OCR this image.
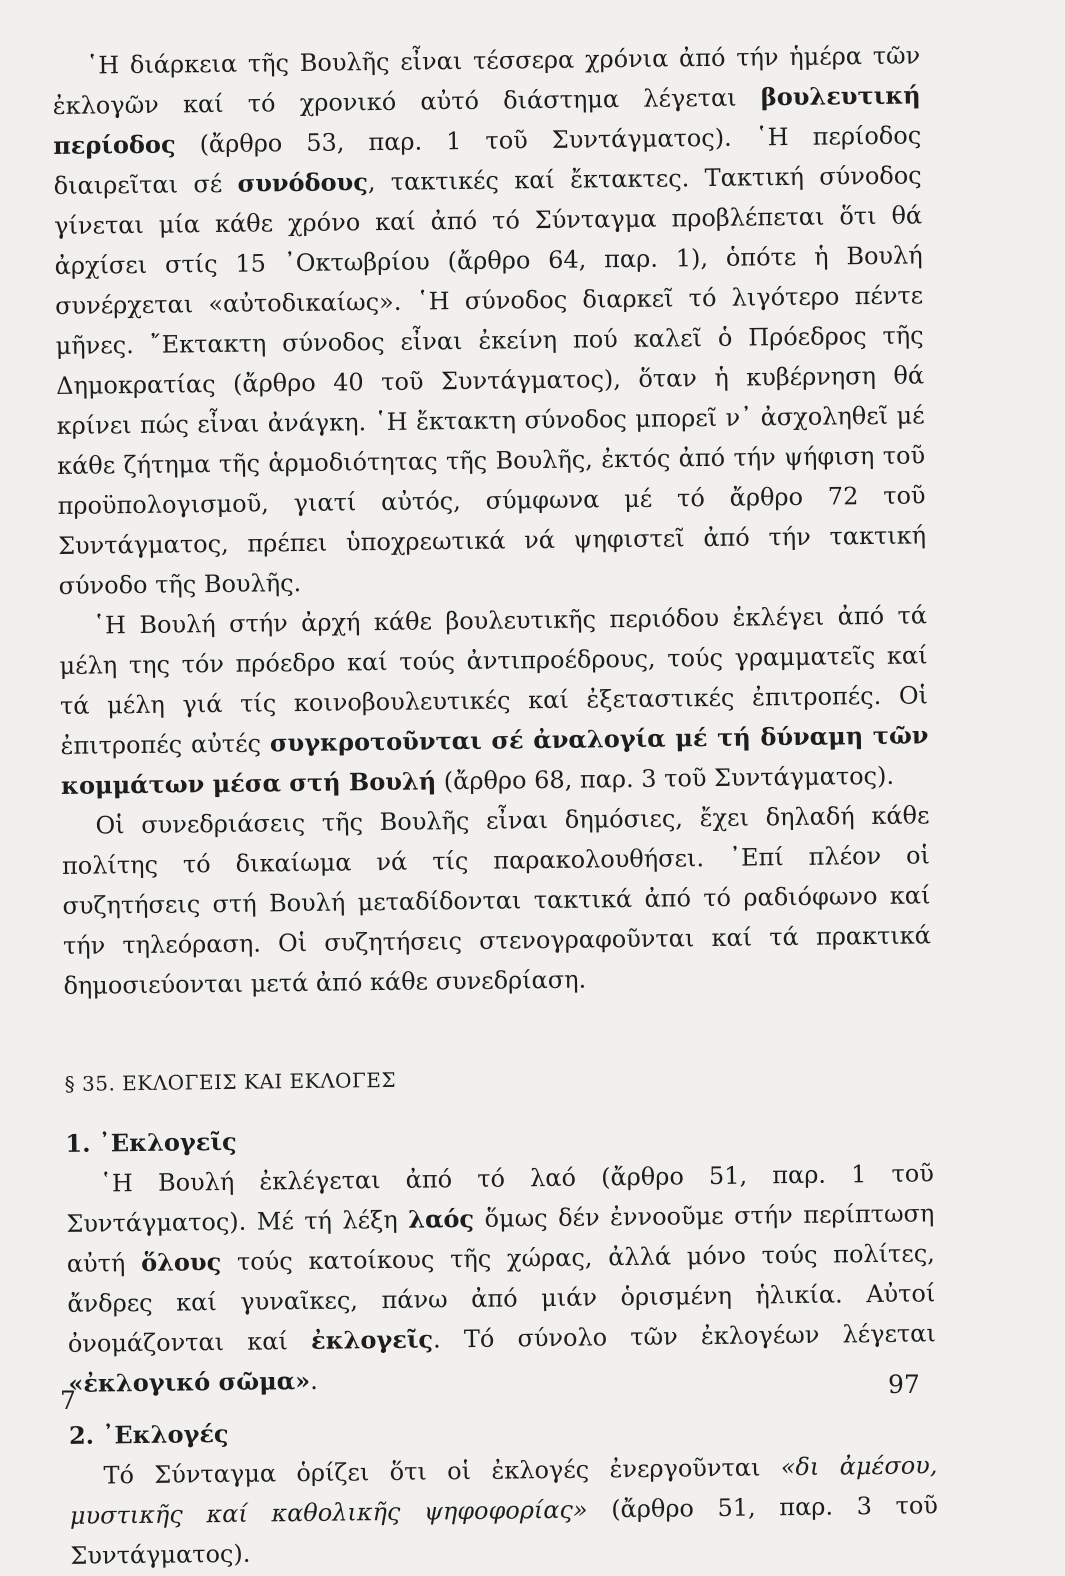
῾Η διάρκεια τῆς Βουλῆς εἶναι τέσσερα χρόνια ἀπό τήν ἡμέρα τῶν ἐκλογῶν καί τό χρονικό αὐτό διάστημα λέγεται βουλευτική περίοδος (ἄρθρο 53, παρ. 1 τοῦ Συντάγματος). ῾Η περίοδος διαιρεῖται σέ συνόδους, τακτικές καί ἔκτακτες. Τακτική σύνοδος γίνεται μία κάθε χρόνο καί ἀπό τό Σύνταγμα προβλέπεται ὅτι θά ἀρχίσει στίς 15 ᾽Οκτωβρίου (ἄρθρο 64, παρ. 1), ὁπότε ἡ Βουλή συνέρχεται «αὐτοδικαίως». ῾Η σύνοδος διαρκεῖ τό λιγότερο πέντε μῆνες. ῎Εκτακτη σύνοδος εἶναι ἐκείνη πού καλεῖ ὁ Πρόεδρος τῆς Δημοκρατίας (ἄρθρο 40 τοῦ Συντάγματος), ὅταν ἡ κυβέρνηση θά κρίνει πώς εἶναι ἀνάγκη. ῾Η ἔκτακτη σύνοδος μπορεῖ ν᾽ ἀσχοληθεῖ μέ κάθε ζήτημα τῆς ἁρμοδιότητας τῆς Βουλῆς, ἐκτός ἀπό τήν ψήφιση τοῦ προϋπολογισμοῦ, γιατί αὐτός, σύμφωνα μέ τό ἄρθρο 72 τοῦ Συντάγματος, πρέπει ὑποχρεωτικά νά ψηφιστεῖ ἀπό τήν τακτική σύνοδο τῆς Βουλῆς.

῾Η Βουλή στήν ἀρχή κάθε βουλευτικῆς περιόδου ἐκλέγει ἀπό τά μέλη της τόν πρόεδρο καί τούς ἀντιπροέδρους, τούς γραμματεῖς καί τά μέλη γιά τίς κοινοβουλευτικές καί ἐξεταστικές ἐπιτροπές. Οἱ ἐπιτροπές αὐτές συγκροτοῦνται σέ ἀναλογία μέ τή δύναμη τῶν κομμάτων μέσα στή Βουλή (ἄρθρο 68, παρ. 3 τοῦ Συντάγματος).

Οἱ συνεδριάσεις τῆς Βουλῆς εἶναι δημόσιες, ἔχει δηλαδή κάθε πολίτης τό δικαίωμα νά τίς παρακολουθήσει. ᾽Επί πλέον οἱ συζητήσεις στή Βουλή μεταδίδονται τακτικά ἀπό τό ραδιόφωνο καί τήν τηλεόραση. Οἱ συζητήσεις στενογραφοῦνται καί τά πρακτικά δημοσιεύονται μετά ἀπό κάθε συνεδρίαση.

§ 35. ΕΚΛΟΓΕΙΣ ΚΑΙ ΕΚΛΟΓΕΣ

1. ᾽Εκλογεῖς

῾Η Βουλή ἐκλέγεται ἀπό τό λαό (ἄρθρο 51, παρ. 1 τοῦ Συντάγματος). Μέ τή λέξη λαός ὅμως δέν ἐννοοῦμε στήν περίπτωση αὐτή ὅλους τούς κατοίκους τῆς χώρας, ἀλλά μόνο τούς πολίτες, ἄνδρες καί γυναῖκες, πάνω ἀπό μιάν ὁρισμένη ἡλικία. Αὐτοί ὀνομάζονται καί ἐκλογεῖς. Τό σύνολο τῶν ἐκλογέων λέγεται «ἐκλογικό σῶμα».

2. ᾽Εκλογές

Τό Σύνταγμα ὁρίζει ὅτι οἱ ἐκλογές ἐνεργοῦνται «δι ἀμέσου, μυστικῆς καί καθολικῆς ψηφοφορίας» (ἄρθρο 51, παρ. 3 τοῦ Συντάγματος).

7
97
